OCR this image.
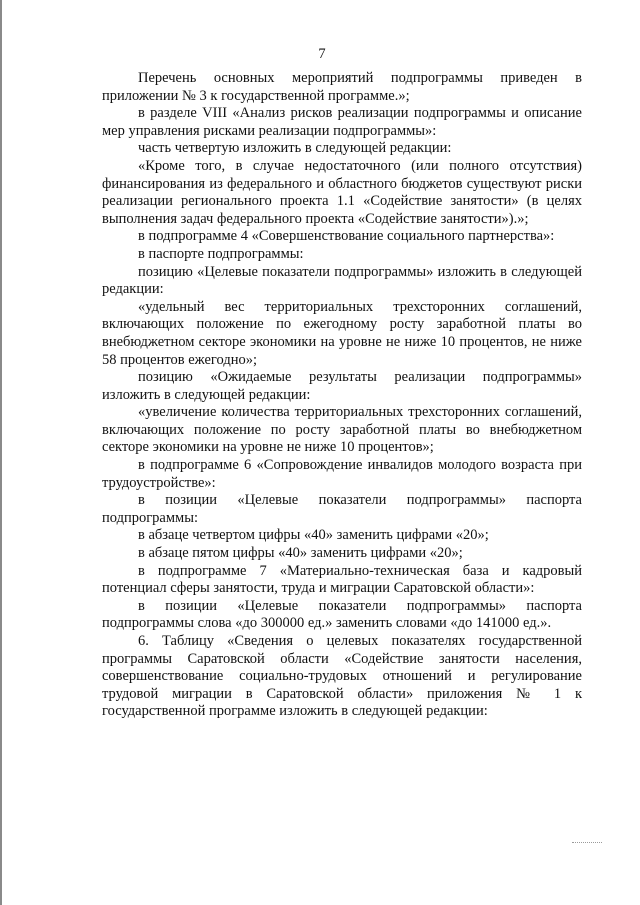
7

Перечень основных мероприятий подпрограммы приведен в приложении № 3 к государственной программе.»;

в разделе VIII «Анализ рисков реализации подпрограммы и описание мер управления рисками реализации подпрограммы»:

часть четвертую изложить в следующей редакции:

«Кроме того, в случае недостаточного (или полного отсутствия) финансирования из федерального и областного бюджетов существуют риски реализации регионального проекта 1.1 «Содействие занятости» (в целях выполнения задач федерального проекта «Содействие занятости»).»;

в подпрограмме 4 «Совершенствование социального партнерства»:

в паспорте подпрограммы:

позицию «Целевые показатели подпрограммы» изложить в следующей редакции:

«удельный вес территориальных трехсторонних соглашений, включающих положение по ежегодному росту заработной платы во внебюджетном секторе экономики на уровне не ниже 10 процентов, не ниже 58 процентов ежегодно»;

позицию «Ожидаемые результаты реализации подпрограммы» изложить в следующей редакции:

«увеличение количества территориальных трехсторонних соглашений, включающих положение по росту заработной платы во внебюджетном секторе экономики на уровне не ниже 10 процентов»;

в подпрограмме 6 «Сопровождение инвалидов молодого возраста при трудоустройстве»:

в позиции «Целевые показатели подпрограммы» паспорта подпрограммы:

в абзаце четвертом цифры «40» заменить цифрами «20»;

в абзаце пятом цифры «40» заменить цифрами «20»;

в подпрограмме 7 «Материально-техническая база и кадровый потенциал сферы занятости, труда и миграции Саратовской области»:

в позиции «Целевые показатели подпрограммы» паспорта подпрограммы слова «до 300000 ед.» заменить словами «до 141000 ед.».

6. Таблицу «Сведения о целевых показателях государственной программы Саратовской области «Содействие занятости населения, совершенствование социально-трудовых отношений и регулирование трудовой миграции в Саратовской области» приложения № 1 к государственной программе изложить в следующей редакции:
